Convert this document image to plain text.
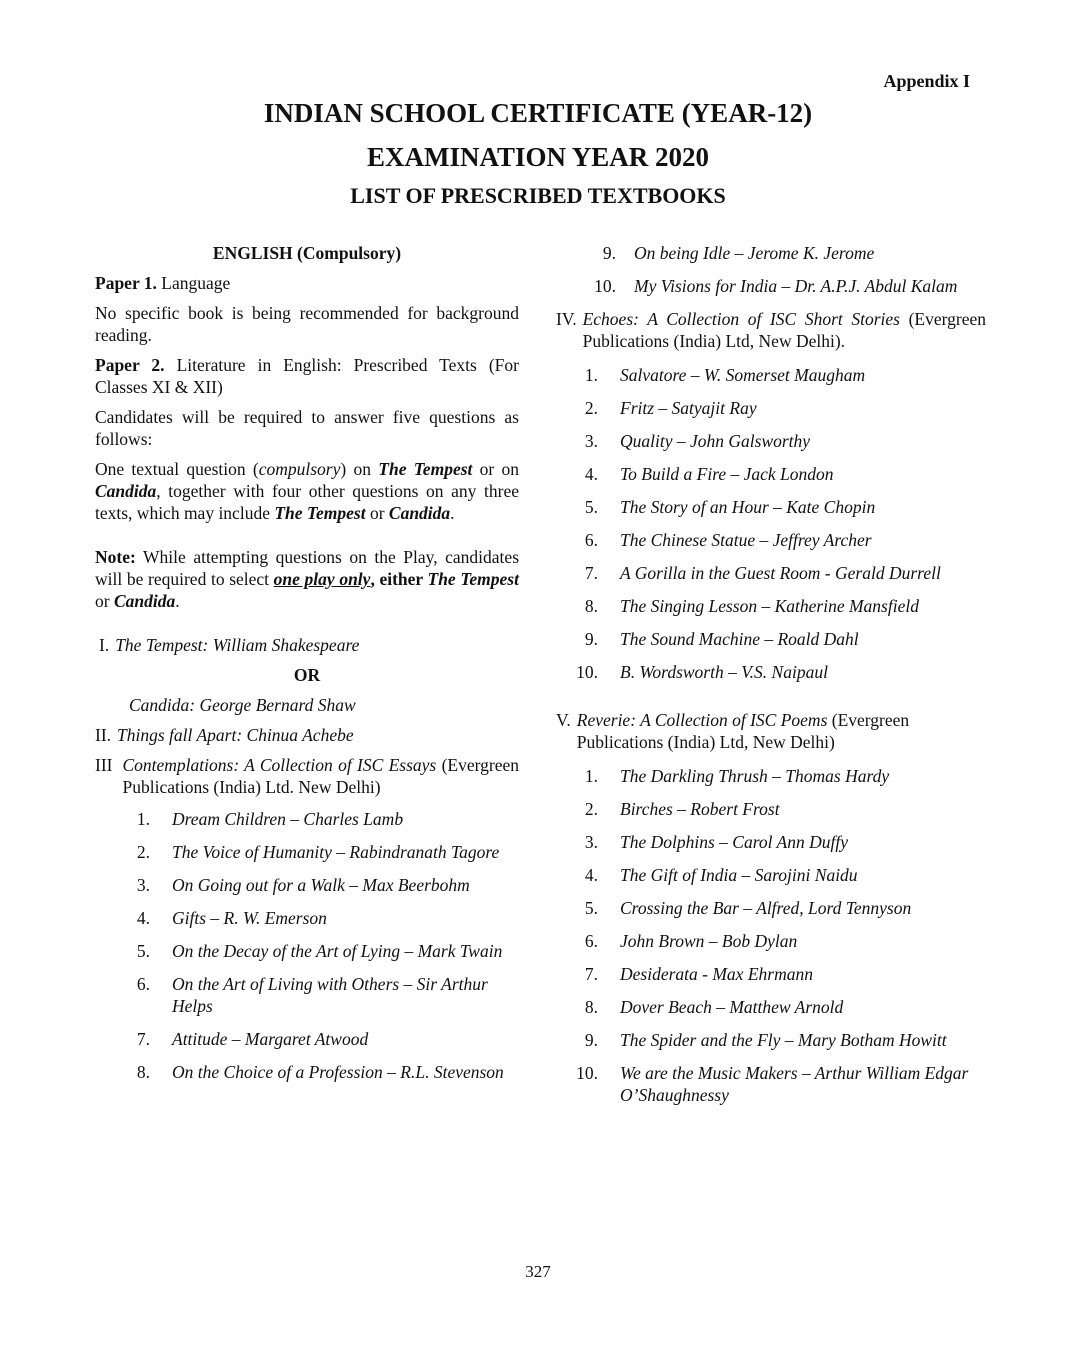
Appendix I
INDIAN SCHOOL CERTIFICATE (YEAR-12)
EXAMINATION YEAR 2020
LIST OF PRESCRIBED TEXTBOOKS
ENGLISH (Compulsory)

Paper 1. Language

No specific book is being recommended for background reading.

Paper 2. Literature in English: Prescribed Texts (For Classes XI & XII)

Candidates will be required to answer five questions as follows:

One textual question (compulsory) on The Tempest or on Candida, together with four other questions on any three texts, which may include The Tempest or Candida.

Note: While attempting questions on the Play, candidates will be required to select one play only, either The Tempest or Candida.

I. The Tempest: William Shakespeare
OR
Candida: George Bernard Shaw
II. Things fall Apart: Chinua Achebe
III Contemplations: A Collection of ISC Essays (Evergreen Publications (India) Ltd. New Delhi)
1.	Dream Children – Charles Lamb
2.	The Voice of Humanity – Rabindranath Tagore
3.	On Going out for a Walk – Max Beerbohm
4.	Gifts – R. W. Emerson
5.	On the Decay of the Art of Lying – Mark Twain
6.	On the Art of Living with Others – Sir Arthur Helps
7.	Attitude – Margaret Atwood
8.	On the Choice of a Profession – R.L. Stevenson
9.	On being Idle – Jerome K. Jerome
10.	My Visions for India – Dr. A.P.J. Abdul Kalam
IV. Echoes: A Collection of ISC Short Stories (Evergreen Publications (India) Ltd, New Delhi).
1.	Salvatore – W. Somerset Maugham
2.	Fritz – Satyajit Ray
3.	Quality – John Galsworthy
4.	To Build a Fire – Jack London
5.	The Story of an Hour – Kate Chopin
6.	The Chinese Statue – Jeffrey Archer
7.	A Gorilla in the Guest Room - Gerald Durrell
8.	The Singing Lesson – Katherine Mansfield
9.	The Sound Machine – Roald Dahl
10.	B. Wordsworth – V.S. Naipaul
V. Reverie: A Collection of ISC Poems (Evergreen Publications (India) Ltd, New Delhi)
1.	The Darkling Thrush – Thomas Hardy
2.	Birches – Robert Frost
3.	The Dolphins – Carol Ann Duffy
4.	The Gift of India – Sarojini Naidu
5.	Crossing the Bar – Alfred, Lord Tennyson
6.	John Brown – Bob Dylan
7.	Desiderata - Max Ehrmann
8.	Dover Beach – Matthew Arnold
9.	The Spider and the Fly – Mary Botham Howitt
10.	We are the Music Makers – Arthur William Edgar O’Shaughnessy
327
